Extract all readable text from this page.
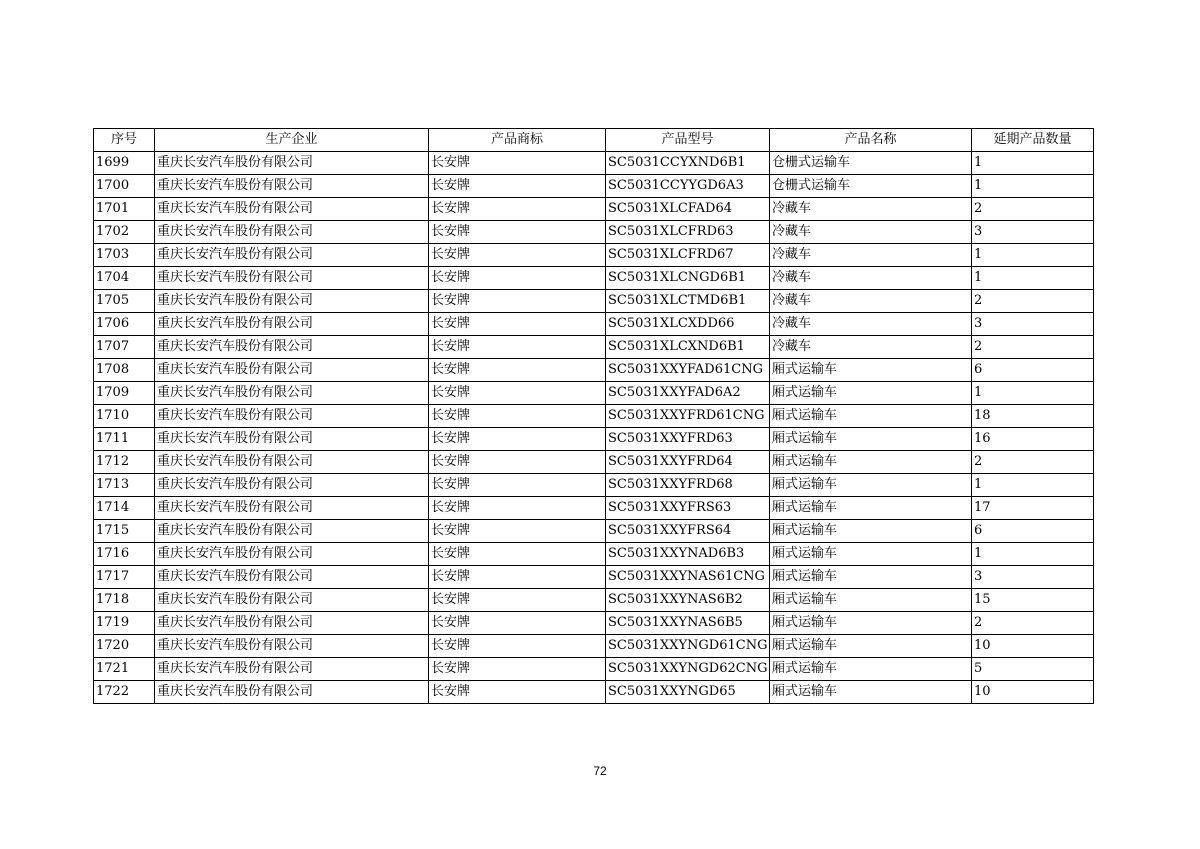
序号	生产企业	产品商标	产品型号	产品名称	延期产品数量
1699	重庆长安汽车股份有限公司	长安牌	SC5031CCYXND6B1	仓栅式运输车	1
1700	重庆长安汽车股份有限公司	长安牌	SC5031CCYYGD6A3	仓栅式运输车	1
1701	重庆长安汽车股份有限公司	长安牌	SC5031XLCFAD64	冷藏车	2
1702	重庆长安汽车股份有限公司	长安牌	SC5031XLCFRD63	冷藏车	3
1703	重庆长安汽车股份有限公司	长安牌	SC5031XLCFRD67	冷藏车	1
1704	重庆长安汽车股份有限公司	长安牌	SC5031XLCNGD6B1	冷藏车	1
1705	重庆长安汽车股份有限公司	长安牌	SC5031XLCTMD6B1	冷藏车	2
1706	重庆长安汽车股份有限公司	长安牌	SC5031XLCXDD66	冷藏车	3
1707	重庆长安汽车股份有限公司	长安牌	SC5031XLCXND6B1	冷藏车	2
1708	重庆长安汽车股份有限公司	长安牌	SC5031XXYFAD61CNG	厢式运输车	6
1709	重庆长安汽车股份有限公司	长安牌	SC5031XXYFAD6A2	厢式运输车	1
1710	重庆长安汽车股份有限公司	长安牌	SC5031XXYFRD61CNG	厢式运输车	18
1711	重庆长安汽车股份有限公司	长安牌	SC5031XXYFRD63	厢式运输车	16
1712	重庆长安汽车股份有限公司	长安牌	SC5031XXYFRD64	厢式运输车	2
1713	重庆长安汽车股份有限公司	长安牌	SC5031XXYFRD68	厢式运输车	1
1714	重庆长安汽车股份有限公司	长安牌	SC5031XXYFRS63	厢式运输车	17
1715	重庆长安汽车股份有限公司	长安牌	SC5031XXYFRS64	厢式运输车	6
1716	重庆长安汽车股份有限公司	长安牌	SC5031XXYNAD6B3	厢式运输车	1
1717	重庆长安汽车股份有限公司	长安牌	SC5031XXYNAS61CNG	厢式运输车	3
1718	重庆长安汽车股份有限公司	长安牌	SC5031XXYNAS6B2	厢式运输车	15
1719	重庆长安汽车股份有限公司	长安牌	SC5031XXYNAS6B5	厢式运输车	2
1720	重庆长安汽车股份有限公司	长安牌	SC5031XXYNGD61CNG	厢式运输车	10
1721	重庆长安汽车股份有限公司	长安牌	SC5031XXYNGD62CNG	厢式运输车	5
1722	重庆长安汽车股份有限公司	长安牌	SC5031XXYNGD65	厢式运输车	10
72
